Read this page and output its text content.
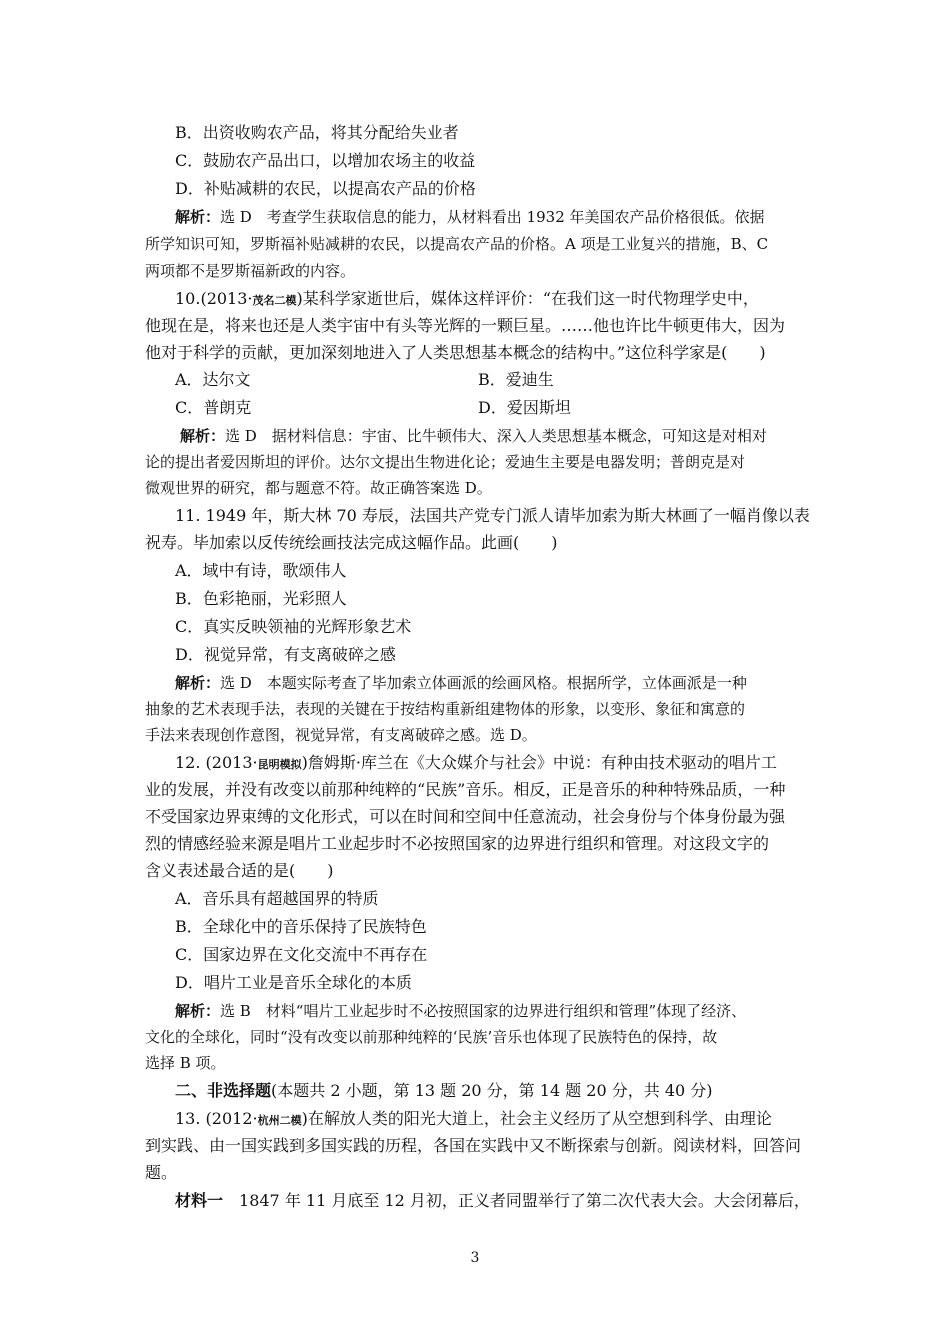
B．出资收购农产品，将其分配给失业者
C．鼓励农产品出口，以增加农场主的收益
D．补贴减耕的农民，以提高农产品的价格
解析：选 D　考查学生获取信息的能力，从材料看出 1932 年美国农产品价格很低。依据
所学知识可知，罗斯福补贴减耕的农民，以提高农产品的价格。A 项是工业复兴的措施，B、C
两项都不是罗斯福新政的内容。
10.(2013·茂名二模)某科学家逝世后，媒体这样评价：“在我们这一时代物理学史中，
他现在是，将来也还是人类宇宙中有头等光辉的一颗巨星。……他也许比牛顿更伟大，因为
他对于科学的贡献，更加深刻地进入了人类思想基本概念的结构中。”这位科学家是(　　)
A．达尔文	B．爱迪生
C．普朗克	D．爱因斯坦
解析：选 D　据材料信息：宇宙、比牛顿伟大、深入人类思想基本概念，可知这是对相对
论的提出者爱因斯坦的评价。达尔文提出生物进化论；爱迪生主要是电器发明；普朗克是对
微观世界的研究，都与题意不符。故正确答案选 D。
11. 1949 年，斯大林 70 寿辰，法国共产党专门派人请毕加索为斯大林画了一幅肖像以表
祝寿。毕加索以反传统绘画技法完成这幅作品。此画(　　)
A．域中有诗，歌颂伟人
B．色彩艳丽，光彩照人
C．真实反映领袖的光辉形象艺术
D．视觉异常，有支离破碎之感
解析：选 D　本题实际考查了毕加索立体画派的绘画风格。根据所学，立体画派是一种
抽象的艺术表现手法，表现的关键在于按结构重新组建物体的形象，以变形、象征和寓意的
手法来表现创作意图，视觉异常，有支离破碎之感。选 D。
12. (2013·昆明模拟)詹姆斯·库兰在《大众媒介与社会》中说：有种由技术驱动的唱片工
业的发展，并没有改变以前那种纯粹的“民族”音乐。相反，正是音乐的种种特殊品质，一种
不受国家边界束缚的文化形式，可以在时间和空间中任意流动，社会身份与个体身份最为强
烈的情感经验来源是唱片工业起步时不必按照国家的边界进行组织和管理。对这段文字的
含义表述最合适的是(　　)
A．音乐具有超越国界的特质
B．全球化中的音乐保持了民族特色
C．国家边界在文化交流中不再存在
D．唱片工业是音乐全球化的本质
解析：选 B　材料“唱片工业起步时不必按照国家的边界进行组织和管理”体现了经济、
文化的全球化，同时“没有改变以前那种纯粹的‘民族’音乐也体现了民族特色的保持，故
选择 B 项。
二、非选择题(本题共 2 小题，第 13 题 20 分，第 14 题 20 分，共 40 分)
13. (2012·杭州二模)在解放人类的阳光大道上，社会主义经历了从空想到科学、由理论
到实践、由一国实践到多国实践的历程，各国在实践中又不断探索与创新。阅读材料，回答问
题。
材料一　1847 年 11 月底至 12 月初，正义者同盟举行了第二次代表大会。大会闭幕后，
3
